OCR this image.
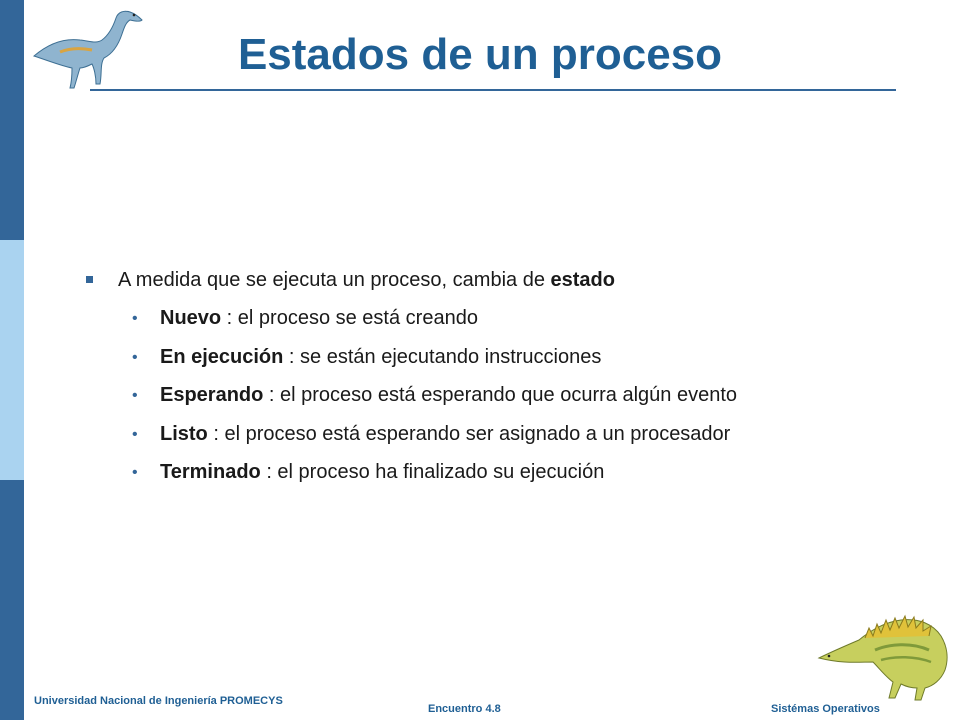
Estados de un proceso
A medida que se ejecuta un proceso, cambia de estado
• Nuevo : el proceso se está creando
• En ejecución : se están ejecutando instrucciones
• Esperando : el proceso está esperando que ocurra algún evento
• Listo : el proceso está esperando ser asignado a un procesador
• Terminado : el proceso ha finalizado su ejecución
Universidad Nacional de Ingeniería PROMECYS
Encuentro 4.8	Sistémas Operativos
